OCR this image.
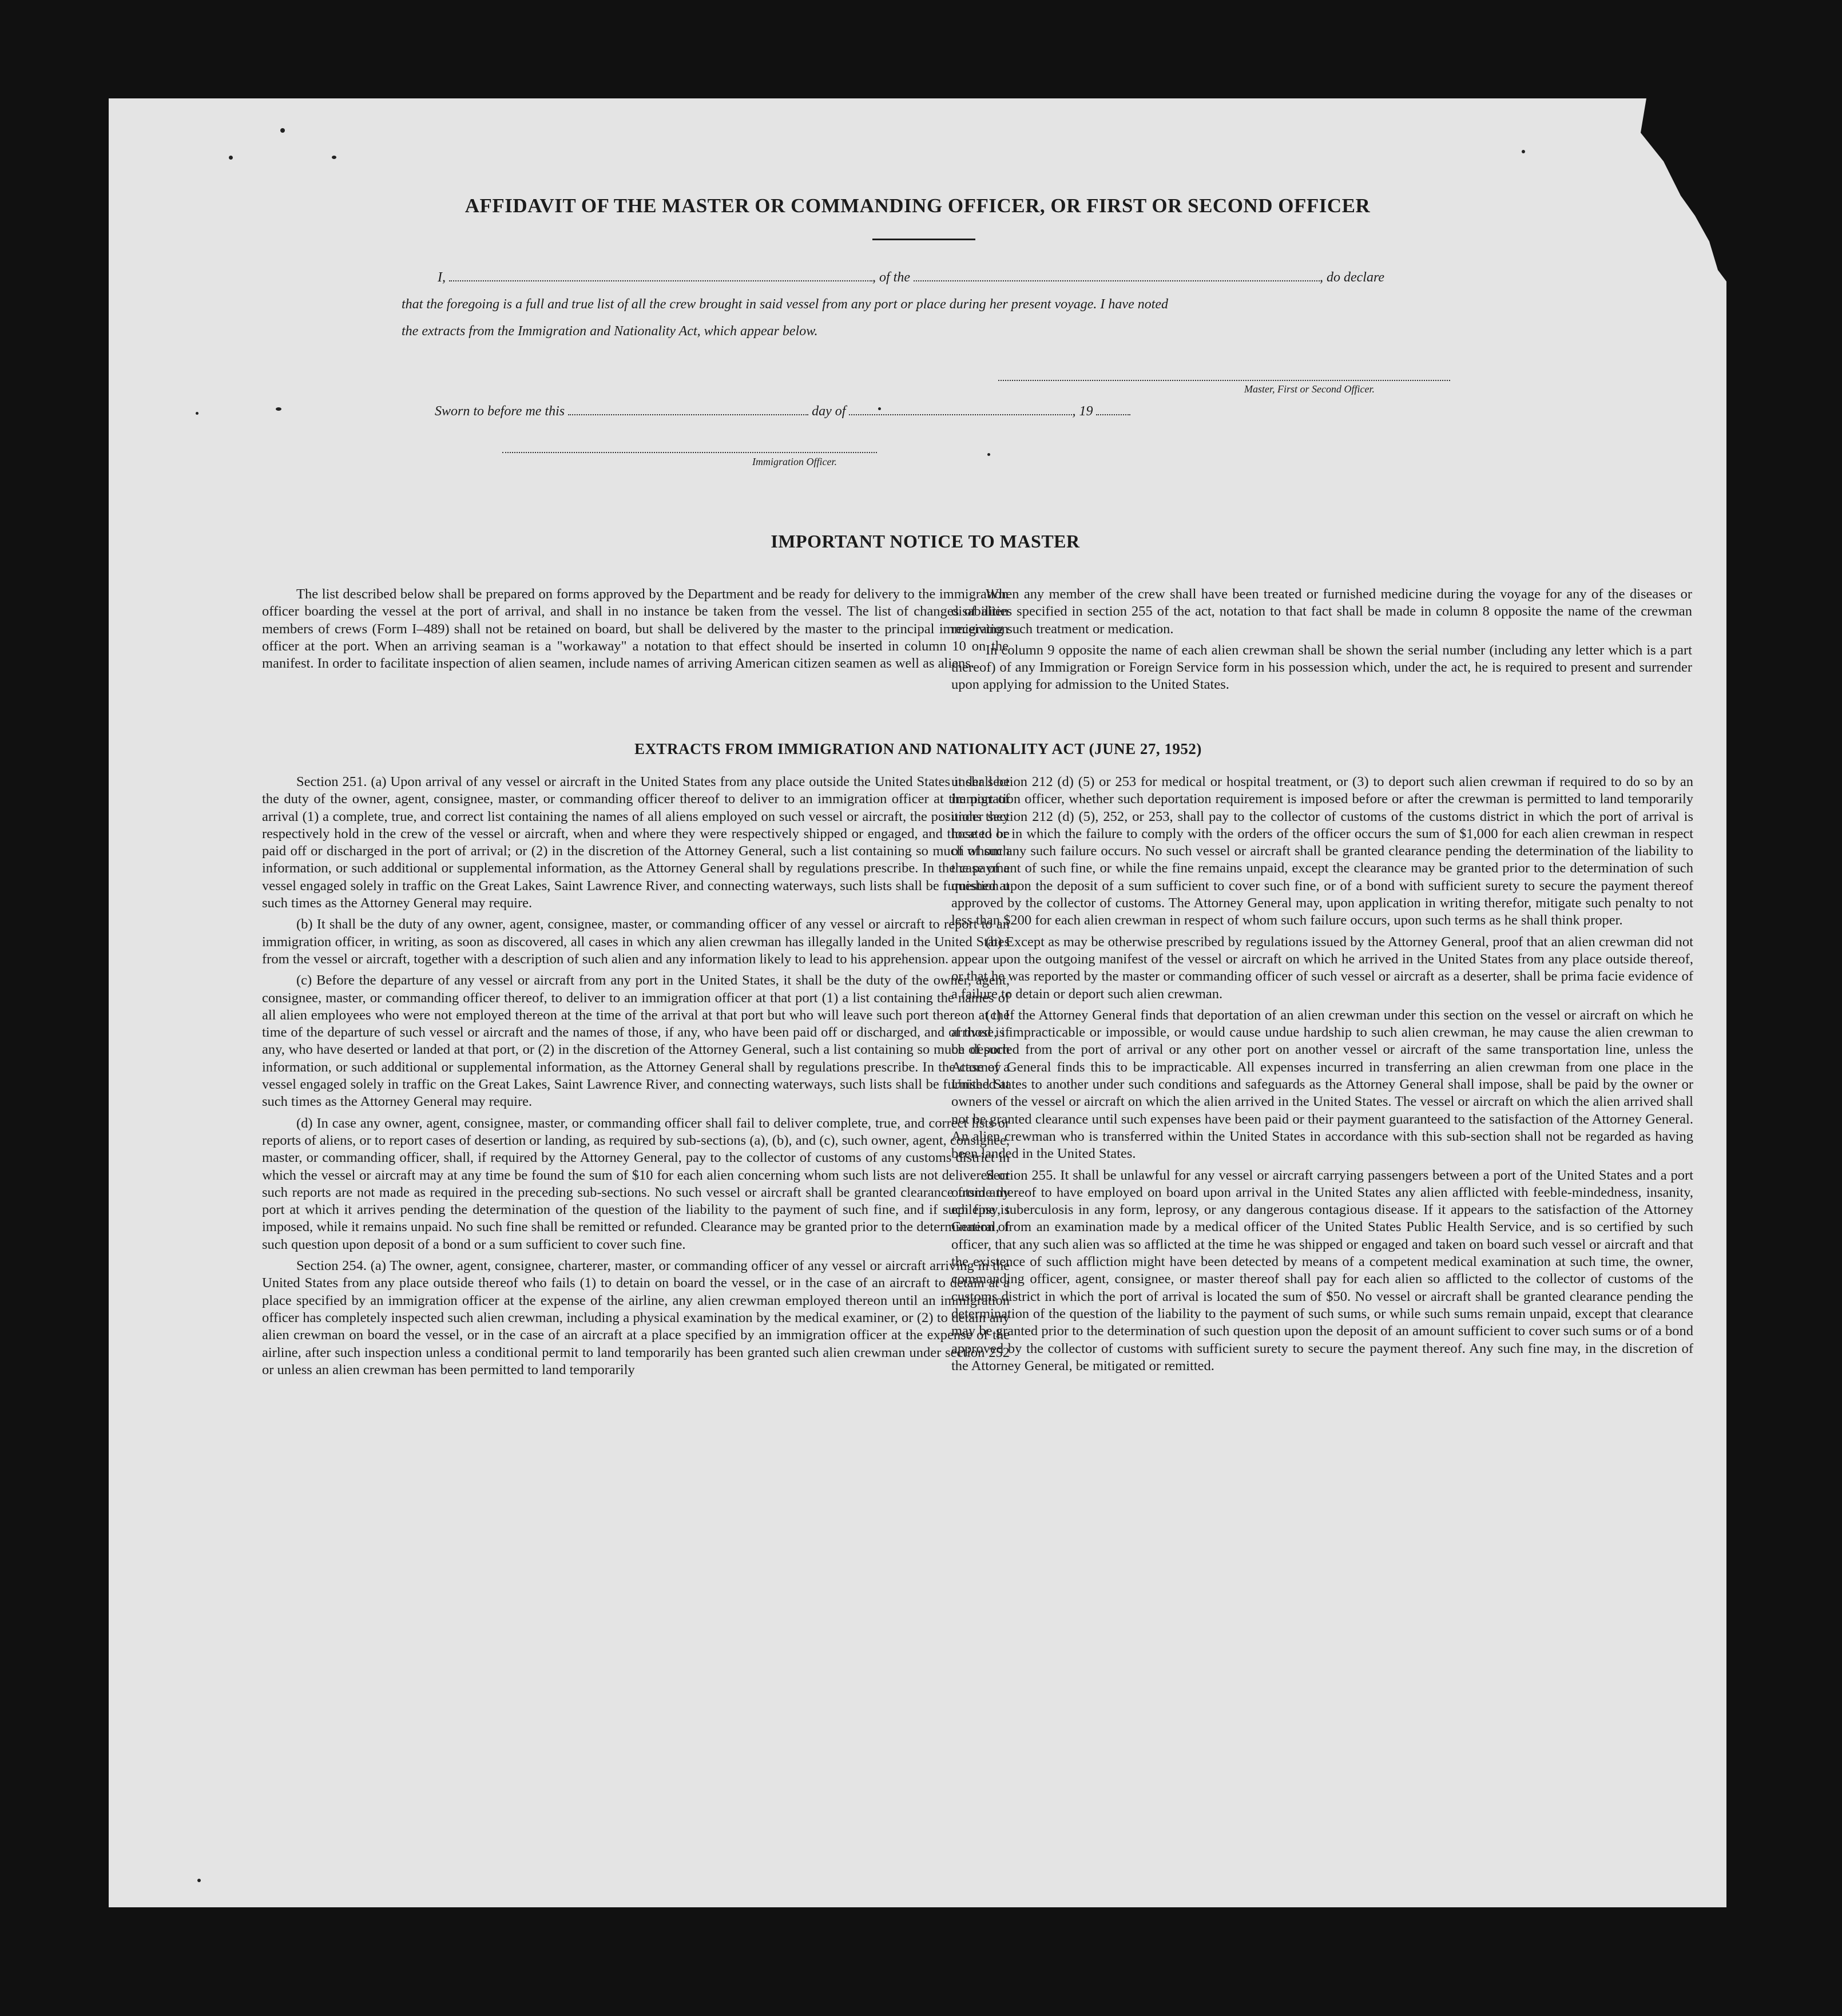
AFFIDAVIT OF THE MASTER OR COMMANDING OFFICER, OR FIRST OR SECOND OFFICER
I,	, of the	, do declare
that the foregoing is a full and true list of all the crew brought in said vessel from any port or place during her present voyage. I have noted
the extracts from the Immigration and Nationality Act, which appear below.
Master, First or Second Officer.
Sworn to before me this	day of	, 19
Immigration Officer.
IMPORTANT NOTICE TO MASTER

The list described below shall be prepared on forms approved by the Department and be ready for delivery to the immigration officer boarding the vessel at the port of arrival, and shall in no instance be taken from the vessel. The list of changes of alien members of crews (Form I–489) shall not be retained on board, but shall be delivered by the master to the principal immigration officer at the port. When an arriving seaman is a "workaway" a notation to that effect should be inserted in column 10 on the manifest. In order to facilitate inspection of alien seamen, include names of arriving American citizen seamen as well as aliens.

When any member of the crew shall have been treated or furnished medicine during the voyage for any of the diseases or disabilities specified in section 255 of the act, notation to that fact shall be made in column 8 opposite the name of the crewman receiving such treatment or medication.

In column 9 opposite the name of each alien crewman shall be shown the serial number (including any letter which is a part thereof) of any Immigration or Foreign Service form in his possession which, under the act, he is required to present and surrender upon applying for admission to the United States.

EXTRACTS FROM IMMIGRATION AND NATIONALITY ACT (JUNE 27, 1952)

Section 251. (a) Upon arrival of any vessel or aircraft in the United States from any place outside the United States it shall be the duty of the owner, agent, consignee, master, or commanding officer thereof to deliver to an immigration officer at the port of arrival (1) a complete, true, and correct list containing the names of all aliens employed on such vessel or aircraft, the positions they respectively hold in the crew of the vessel or aircraft, when and where they were respectively shipped or engaged, and those to be paid off or discharged in the port of arrival; or (2) in the discretion of the Attorney General, such a list containing so much of such information, or such additional or supplemental information, as the Attorney General shall by regulations prescribe. In the case of a vessel engaged solely in traffic on the Great Lakes, Saint Lawrence River, and connecting waterways, such lists shall be furnished at such times as the Attorney General may require.

(b) It shall be the duty of any owner, agent, consignee, master, or commanding officer of any vessel or aircraft to report to an immigration officer, in writing, as soon as discovered, all cases in which any alien crewman has illegally landed in the United States from the vessel or aircraft, together with a description of such alien and any information likely to lead to his apprehension.

(c) Before the departure of any vessel or aircraft from any port in the United States, it shall be the duty of the owner, agent, consignee, master, or commanding officer thereof, to deliver to an immigration officer at that port (1) a list containing the names of all alien employees who were not employed thereon at the time of the arrival at that port but who will leave such port thereon at the time of the departure of such vessel or aircraft and the names of those, if any, who have been paid off or discharged, and of those, if any, who have deserted or landed at that port, or (2) in the discretion of the Attorney General, such a list containing so much of such information, or such additional or supplemental information, as the Attorney General shall by regulations prescribe. In the case of a vessel engaged solely in traffic on the Great Lakes, Saint Lawrence River, and connecting waterways, such lists shall be furnished at such times as the Attorney General may require.

(d) In case any owner, agent, consignee, master, or commanding officer shall fail to deliver complete, true, and correct lists or reports of aliens, or to report cases of desertion or landing, as required by sub-sections (a), (b), and (c), such owner, agent, consignee, master, or commanding officer, shall, if required by the Attorney General, pay to the collector of customs of any customs district in which the vessel or aircraft may at any time be found the sum of $10 for each alien concerning whom such lists are not delivered or such reports are not made as required in the preceding sub-sections. No such vessel or aircraft shall be granted clearance from any port at which it arrives pending the determination of the question of the liability to the payment of such fine, and if such fine is imposed, while it remains unpaid. No such fine shall be remitted or refunded. Clearance may be granted prior to the determination of such question upon deposit of a bond or a sum sufficient to cover such fine.

Section 254. (a) The owner, agent, consignee, charterer, master, or commanding officer of any vessel or aircraft arriving in the United States from any place outside thereof who fails (1) to detain on board the vessel, or in the case of an aircraft to detain at a place specified by an immigration officer at the expense of the airline, any alien crewman employed thereon until an immigration officer has completely inspected such alien crewman, including a physical examination by the medical examiner, or (2) to detain any alien crewman on board the vessel, or in the case of an aircraft at a place specified by an immigration officer at the expense of the airline, after such inspection unless a conditional permit to land temporarily has been granted such alien crewman under section 252 or unless an alien crewman has been permitted to land temporarily

under section 212 (d) (5) or 253 for medical or hospital treatment, or (3) to deport such alien crewman if required to do so by an immigration officer, whether such deportation requirement is imposed before or after the crewman is permitted to land temporarily under section 212 (d) (5), 252, or 253, shall pay to the collector of customs of the customs district in which the port of arrival is located or in which the failure to comply with the orders of the officer occurs the sum of $1,000 for each alien crewman in respect of whom any such failure occurs. No such vessel or aircraft shall be granted clearance pending the determination of the liability to the payment of such fine, or while the fine remains unpaid, except the clearance may be granted prior to the determination of such question upon the deposit of a sum sufficient to cover such fine, or of a bond with sufficient surety to secure the payment thereof approved by the collector of customs. The Attorney General may, upon application in writing therefor, mitigate such penalty to not less than $200 for each alien crewman in respect of whom such failure occurs, upon such terms as he shall think proper.

(b) Except as may be otherwise prescribed by regulations issued by the Attorney General, proof that an alien crewman did not appear upon the outgoing manifest of the vessel or aircraft on which he arrived in the United States from any place outside thereof, or that he was reported by the master or commanding officer of such vessel or aircraft as a deserter, shall be prima facie evidence of a failure to detain or deport such alien crewman.

(c) If the Attorney General finds that deportation of an alien crewman under this section on the vessel or aircraft on which he arrived is impracticable or impossible, or would cause undue hardship to such alien crewman, he may cause the alien crewman to be deported from the port of arrival or any other port on another vessel or aircraft of the same transportation line, unless the Attorney General finds this to be impracticable. All expenses incurred in transferring an alien crewman from one place in the United States to another under such conditions and safeguards as the Attorney General shall impose, shall be paid by the owner or owners of the vessel or aircraft on which the alien arrived in the United States. The vessel or aircraft on which the alien arrived shall not be granted clearance until such expenses have been paid or their payment guaranteed to the satisfaction of the Attorney General. An alien crewman who is transferred within the United States in accordance with this sub-section shall not be regarded as having been landed in the United States.

Section 255. It shall be unlawful for any vessel or aircraft carrying passengers between a port of the United States and a port outside thereof to have employed on board upon arrival in the United States any alien afflicted with feeble-mindedness, insanity, epilepsy, tuberculosis in any form, leprosy, or any dangerous contagious disease. If it appears to the satisfaction of the Attorney General, from an examination made by a medical officer of the United States Public Health Service, and is so certified by such officer, that any such alien was so afflicted at the time he was shipped or engaged and taken on board such vessel or aircraft and that the existence of such affliction might have been detected by means of a competent medical examination at such time, the owner, commanding officer, agent, consignee, or master thereof shall pay for each alien so afflicted to the collector of customs of the customs district in which the port of arrival is located the sum of $50. No vessel or aircraft shall be granted clearance pending the determination of the question of the liability to the payment of such sums, or while such sums remain unpaid, except that clearance may be granted prior to the determination of such question upon the deposit of an amount sufficient to cover such sums or of a bond approved by the collector of customs with sufficient surety to secure the payment thereof. Any such fine may, in the discretion of the Attorney General, be mitigated or remitted.
